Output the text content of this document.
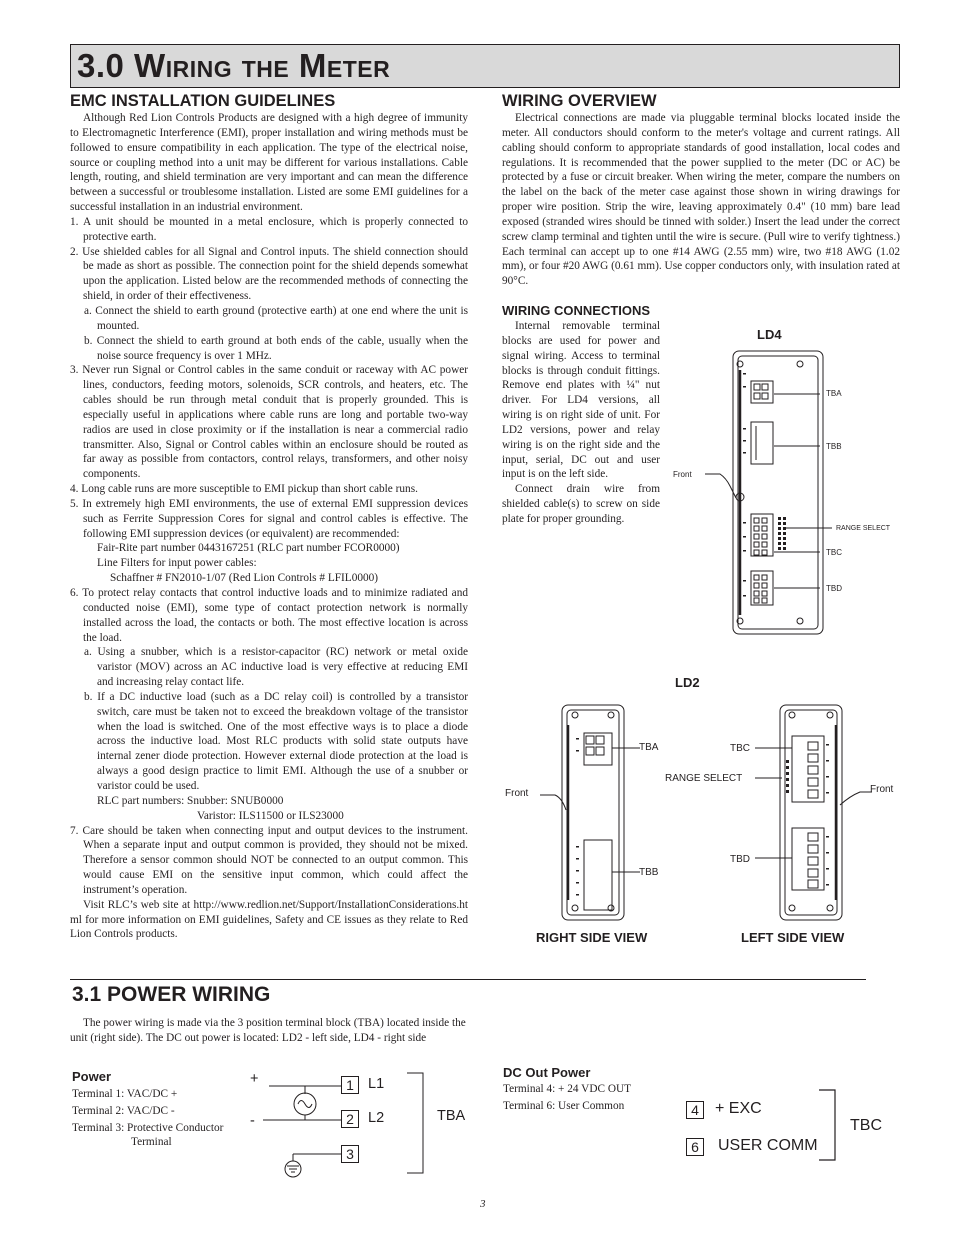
3.0 Wiring the Meter
EMC INSTALLATION GUIDELINES

Although Red Lion Controls Products are designed with a high degree of immunity to Electromagnetic Interference (EMI), proper installation and wiring methods must be followed to ensure compatibility in each application. The type of the electrical noise, source or coupling method into a unit may be different for various installations. Cable length, routing, and shield termination are very important and can mean the difference between a successful or troublesome installation. Listed are some EMI guidelines for a successful installation in an industrial environment.

1. A unit should be mounted in a metal enclosure, which is properly connected to protective earth.

2. Use shielded cables for all Signal and Control inputs. The shield connection should be made as short as possible. The connection point for the shield depends somewhat upon the application. Listed below are the recommended methods of connecting the shield, in order of their effectiveness.

a. Connect the shield to earth ground (protective earth) at one end where the unit is mounted.

b. Connect the shield to earth ground at both ends of the cable, usually when the noise source frequency is over 1 MHz.

3. Never run Signal or Control cables in the same conduit or raceway with AC power lines, conductors, feeding motors, solenoids, SCR controls, and heaters, etc. The cables should be run through metal conduit that is properly grounded. This is especially useful in applications where cable runs are long and portable two-way radios are used in close proximity or if the installation is near a commercial radio transmitter. Also, Signal or Control cables within an enclosure should be routed as far away as possible from contactors, control relays, transformers, and other noisy components.

4. Long cable runs are more susceptible to EMI pickup than short cable runs.

5. In extremely high EMI environments, the use of external EMI suppression devices such as Ferrite Suppression Cores for signal and control cables is effective. The following EMI suppression devices (or equivalent) are recommended:

Fair-Rite part number 0443167251 (RLC part number FCOR0000)

Line Filters for input power cables:

Schaffner # FN2010-1/07 (Red Lion Controls # LFIL0000)

6. To protect relay contacts that control inductive loads and to minimize radiated and conducted noise (EMI), some type of contact protection network is normally installed across the load, the contacts or both. The most effective location is across the load.

a. Using a snubber, which is a resistor-capacitor (RC) network or metal oxide varistor (MOV) across an AC inductive load is very effective at reducing EMI and increasing relay contact life.

b. If a DC inductive load (such as a DC relay coil) is controlled by a transistor switch, care must be taken not to exceed the breakdown voltage of the transistor when the load is switched. One of the most effective ways is to place a diode across the inductive load. Most RLC products with solid state outputs have internal zener diode protection. However external diode protection at the load is always a good design practice to limit EMI. Although the use of a snubber or varistor could be used.

RLC part numbers: Snubber: SNUB0000

Varistor: ILS11500 or ILS23000

7. Care should be taken when connecting input and output devices to the instrument. When a separate input and output common is provided, they should not be mixed. Therefore a sensor common should NOT be connected to an output common. This would cause EMI on the sensitive input common, which could affect the instrument’s operation.

Visit RLC’s web site at http://www.redlion.net/Support/InstallationConsiderations.html for more information on EMI guidelines, Safety and CE issues as they relate to Red Lion Controls products.

WIRING OVERVIEW

Electrical connections are made via pluggable terminal blocks located inside the meter. All conductors should conform to the meter's voltage and current ratings. All cabling should conform to appropriate standards of good installation, local codes and regulations. It is recommended that the power supplied to the meter (DC or AC) be protected by a fuse or circuit breaker. When wiring the meter, compare the numbers on the label on the back of the meter case against those shown in wiring drawings for proper wire position. Strip the wire, leaving approximately 0.4" (10 mm) bare lead exposed (stranded wires should be tinned with solder.) Insert the lead under the correct screw clamp terminal and tighten until the wire is secure. (Pull wire to verify tightness.) Each terminal can accept up to one #14 AWG (2.55 mm) wire, two #18 AWG (1.02 mm), or four #20 AWG (0.61 mm). Use copper conductors only, with insulation rated at 90°C.

WIRING CONNECTIONS

Internal removable terminal blocks are used for power and signal wiring. Access to terminal blocks is through conduit fittings. Remove end plates with ¼" nut driver. For LD4 versions, all wiring is on right side of unit. For LD2 versions, power and relay wiring is on the right side and the input, serial, DC out and user input is on the left side.

Connect drain wire from shielded cable(s) to screw on side plate for proper grounding.

LD4
TBA
TBB
Front
RANGE SELECT
TBC
TBD
LD2
TBA
TBB
Front
TBC
RANGE SELECT
Front
TBD
RIGHT SIDE VIEW	LEFT SIDE VIEW
3.1 POWER WIRING

The power wiring is made via the 3 position terminal block (TBA) located inside the unit (right side). The DC out power is located: LD2 - left side, LD4 - right side

Power
Terminal 1: VAC/DC +
Terminal 2: VAC/DC -
Terminal 3: Protective Conductor
Terminal
+
-
1 L1
2 L2
3
TBA
DC Out Power
Terminal 4: + 24 VDC OUT
Terminal 6: User Common	4	+ EXC
6	USER COMM
TBC
3
